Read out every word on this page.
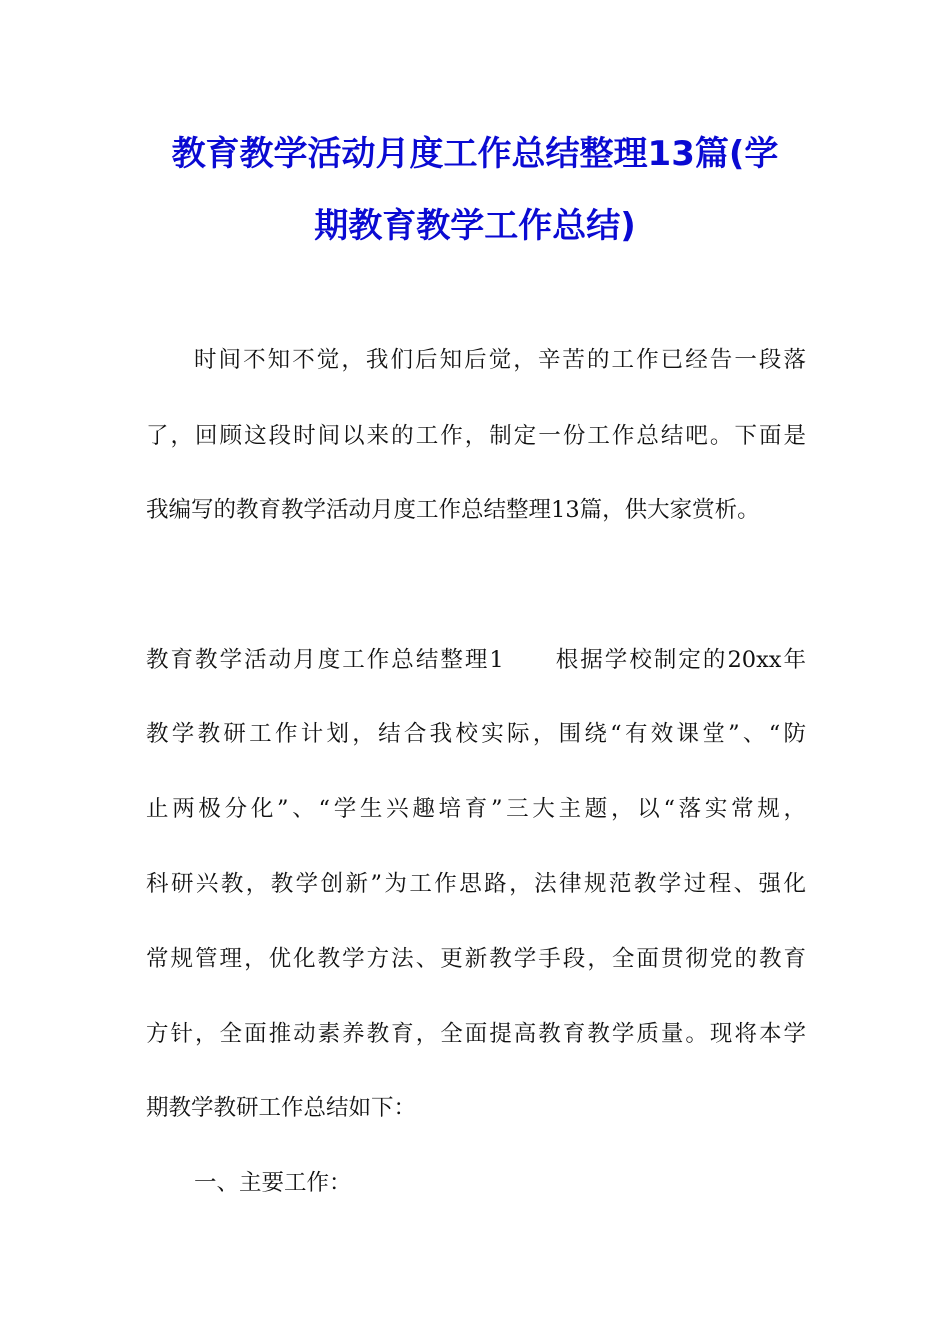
教育教学活动月度工作总结整理13篇(学
期教育教学工作总结)
时间不知不觉，我们后知后觉，辛苦的工作已经告一段落
了，回顾这段时间以来的工作，制定一份工作总结吧。下面是
我编写的教育教学活动月度工作总结整理13篇，供大家赏析。
教育教学活动月度工作总结整理1 根据学校制定的20xx年
教学教研工作计划，结合我校实际，围绕“有效课堂”、“防
止两极分化”、“学生兴趣培育”三大主题，以“落实常规，
科研兴教，教学创新”为工作思路，法律规范教学过程、强化
常规管理，优化教学方法、更新教学手段，全面贯彻党的教育
方针，全面推动素养教育，全面提高教育教学质量。现将本学
期教学教研工作总结如下：
一、主要工作：
